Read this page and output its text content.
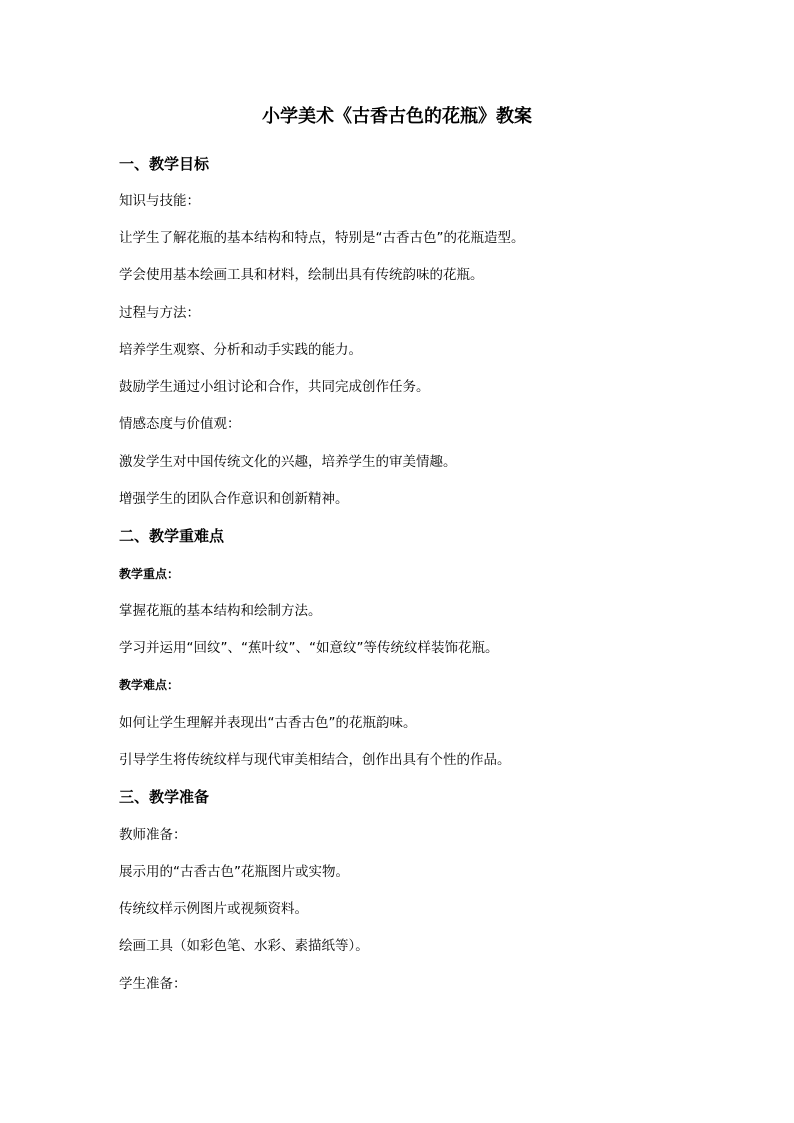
小学美术《古香古色的花瓶》教案
一、教学目标
知识与技能：
让学生了解花瓶的基本结构和特点，特别是“古香古色”的花瓶造型。
学会使用基本绘画工具和材料，绘制出具有传统韵味的花瓶。
过程与方法：
培养学生观察、分析和动手实践的能力。
鼓励学生通过小组讨论和合作，共同完成创作任务。
情感态度与价值观：
激发学生对中国传统文化的兴趣，培养学生的审美情趣。
增强学生的团队合作意识和创新精神。
二、教学重难点
教学重点：
掌握花瓶的基本结构和绘制方法。
学习并运用“回纹”、“蕉叶纹”、“如意纹”等传统纹样装饰花瓶。
教学难点：
如何让学生理解并表现出“古香古色”的花瓶韵味。
引导学生将传统纹样与现代审美相结合，创作出具有个性的作品。
三、教学准备
教师准备：
展示用的“古香古色”花瓶图片或实物。
传统纹样示例图片或视频资料。
绘画工具（如彩色笔、水彩、素描纸等）。
学生准备：
